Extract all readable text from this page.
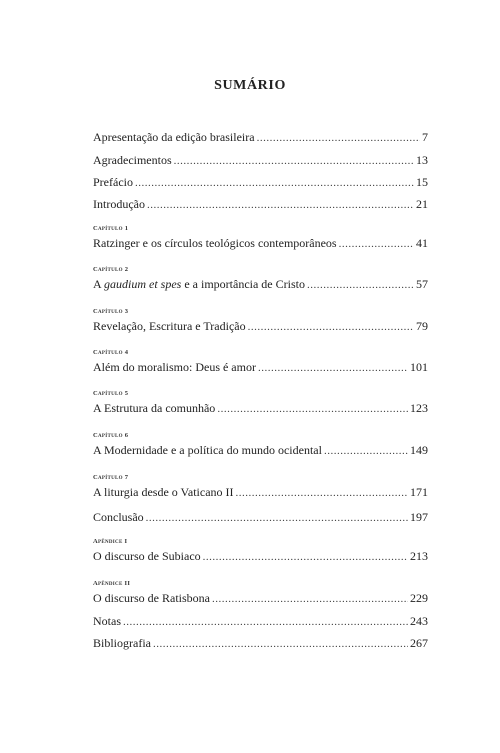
SUMÁRIO
Apresentação da edição brasileira .....	7
Agradecimentos .....	13
Prefácio .....	15
Introdução .....	21
Capítulo 1
Ratzinger e os círculos teológicos contemporâneos .....	41
Capítulo 2
A gaudium et spes e a importância de Cristo .....	57
Capítulo 3
Revelação, Escritura e Tradição .....	79
Capítulo 4
Além do moralismo: Deus é amor .....	101
Capítulo 5
A Estrutura da comunhão .....	123
Capítulo 6
A Modernidade e a política do mundo ocidental .....	149
Capítulo 7
A liturgia desde o Vaticano II .....	171
Conclusão .....	197
Apêndice I
O discurso de Subiaco .....	213
Apêndice II
O discurso de Ratisbona .....	229
Notas .....	243
Bibliografia .....	267
